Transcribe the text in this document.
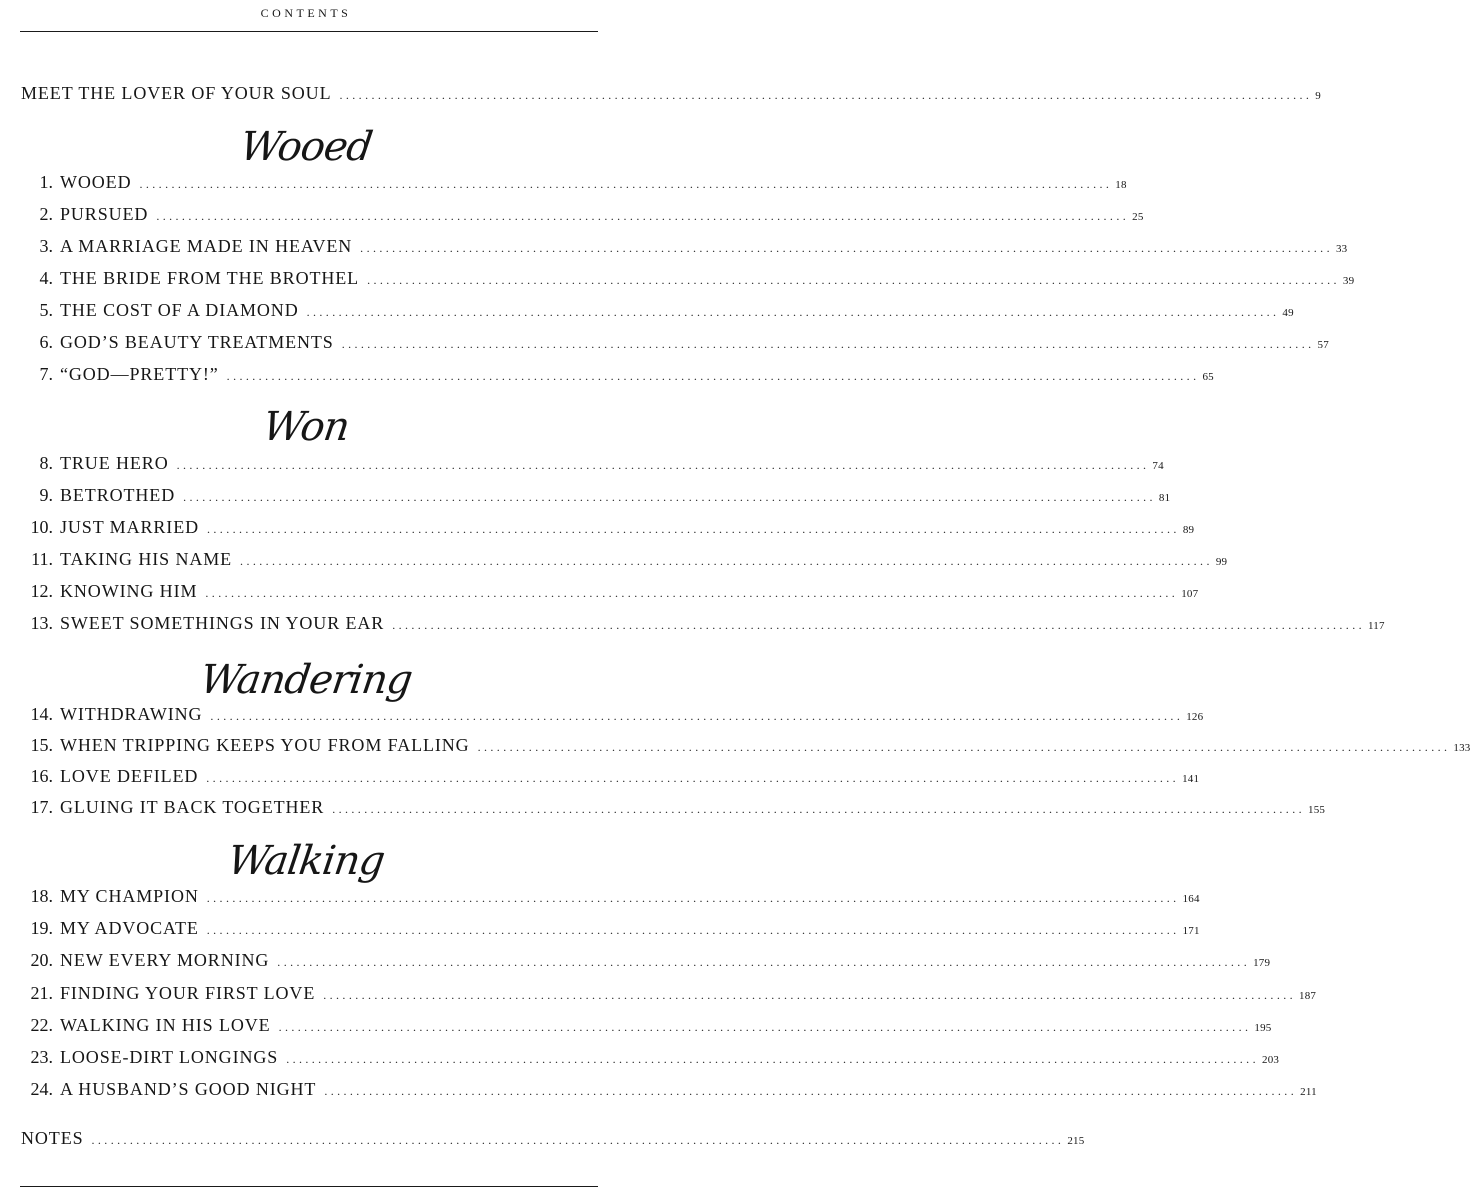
CONTENTS
MEET THE LOVER OF YOUR SOUL ........................................................................................................................................................ 9
Wooed
1. WOOED ........................................................................................................................................................ 18
2. PURSUED ........................................................................................................................................................ 25
3. A MARRIAGE MADE IN HEAVEN ........................................................................................................................................................ 33
4. THE BRIDE FROM THE BROTHEL ........................................................................................................................................................ 39
5. THE COST OF A DIAMOND ........................................................................................................................................................ 49
6. GOD’S BEAUTY TREATMENTS ........................................................................................................................................................ 57
7. “GOD—PRETTY!” ........................................................................................................................................................ 65
Won
8. TRUE HERO ........................................................................................................................................................ 74
9. BETROTHED ........................................................................................................................................................ 81
10. JUST MARRIED ........................................................................................................................................................ 89
11. TAKING HIS NAME ........................................................................................................................................................ 99
12. KNOWING HIM ........................................................................................................................................................ 107
13. SWEET SOMETHINGS IN YOUR EAR ........................................................................................................................................................ 117
Wandering
14. WITHDRAWING ........................................................................................................................................................ 126
15. WHEN TRIPPING KEEPS YOU FROM FALLING ........................................................................................................................................................ 133
16. LOVE DEFILED ........................................................................................................................................................ 141
17. GLUING IT BACK TOGETHER ........................................................................................................................................................ 155
Walking
18. MY CHAMPION ........................................................................................................................................................ 164
19. MY ADVOCATE ........................................................................................................................................................ 171
20. NEW EVERY MORNING ........................................................................................................................................................ 179
21. FINDING YOUR FIRST LOVE ........................................................................................................................................................ 187
22. WALKING IN HIS LOVE ........................................................................................................................................................ 195
23. LOOSE-DIRT LONGINGS ........................................................................................................................................................ 203
24. A HUSBAND’S GOOD NIGHT ........................................................................................................................................................ 211
NOTES ........................................................................................................................................................ 215
